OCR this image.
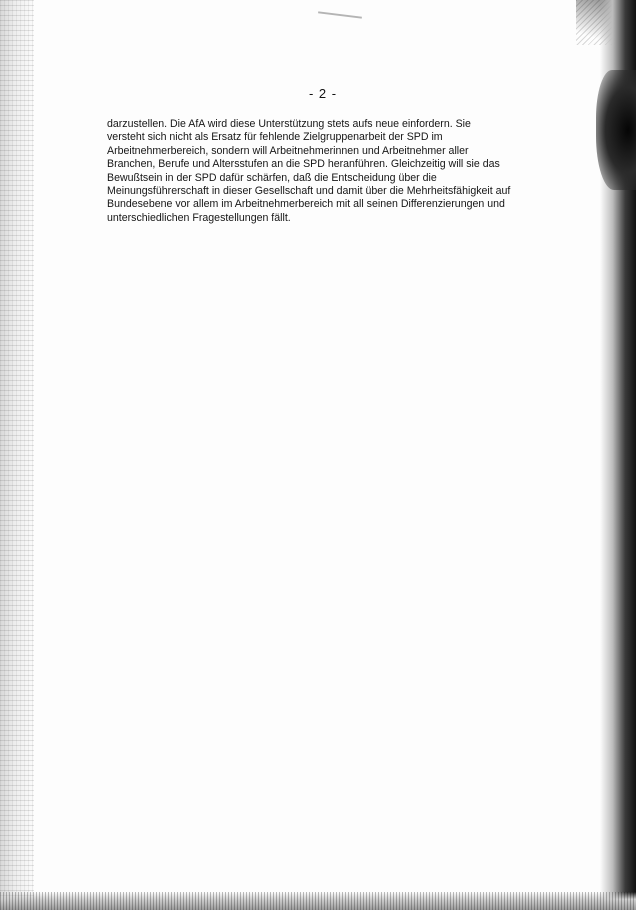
- 2 -

darzustellen. Die AfA wird diese Unterstützung stets aufs neue einfordern. Sie
versteht sich nicht als Ersatz für fehlende Zielgruppenarbeit der SPD im
Arbeitnehmerbereich, sondern will Arbeitnehmerinnen und Arbeitnehmer aller
Branchen, Berufe und Altersstufen an die SPD heranführen. Gleichzeitig will sie das
Bewußtsein in der SPD dafür schärfen, daß die Entscheidung über die
Meinungsführerschaft in dieser Gesellschaft und damit über die Mehrheitsfähigkeit auf
Bundesebene vor allem im Arbeitnehmerbereich mit all seinen Differenzierungen und
unterschiedlichen Fragestellungen fällt.
